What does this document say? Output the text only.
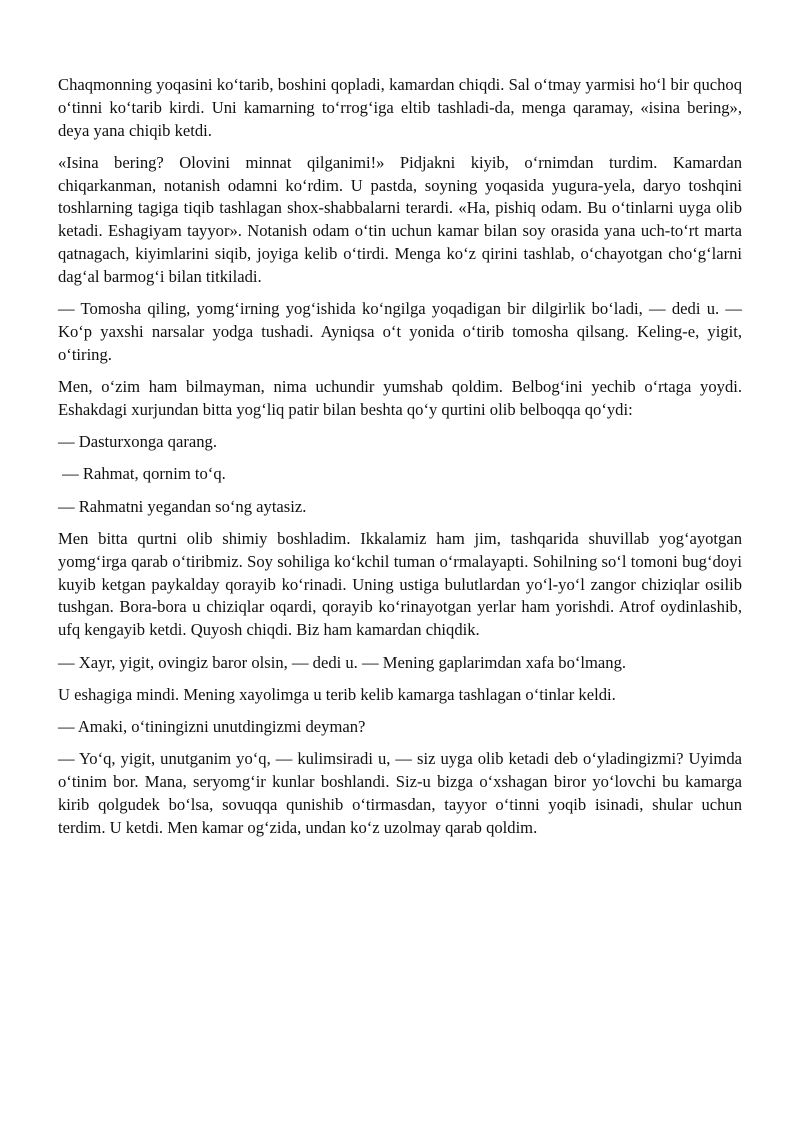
Chaqmonning yoqasini ko‘tarib, boshini qopladi, kamardan chiqdi. Sal o‘tmay yarmisi ho‘l bir quchoq o‘tinni ko‘tarib kirdi. Uni kamarning to‘rrog‘iga eltib tashladi-da, menga qaramay, «isina bering», deya yana chiqib ketdi.

«Isina bering? Olovini minnat qilganimi!» Pidjakni kiyib, o‘rnimdan turdim. Kamardan chiqarkanman, notanish odamni ko‘rdim. U pastda, soyning yoqasida yugura-yela, daryo toshqini toshlarning tagiga tiqib tashlagan shox-shabbalarni terardi. «Ha, pishiq odam. Bu o‘tinlarni uyga olib ketadi. Eshagiyam tayyor». Notanish odam o‘tin uchun kamar bilan soy orasida yana uch-to‘rt marta qatnagach, kiyimlarini siqib, joyiga kelib o‘tirdi. Menga ko‘z qirini tashlab, o‘chayotgan cho‘g‘larni dag‘al barmog‘i bilan titkiladi.

— Tomosha qiling, yomg‘irning yog‘ishida ko‘ngilga yoqadigan bir dilgirlik bo‘ladi, — dedi u. — Ko‘p yaxshi narsalar yodga tushadi. Ayniqsa o‘t yonida o‘tirib tomosha qilsang. Keling-e, yigit, o‘tiring.

Men, o‘zim ham bilmayman, nima uchundir yumshab qoldim. Belbog‘ini yechib o‘rtaga yoydi. Eshakdagi xurjundan bitta yog‘liq patir bilan beshta qo‘y qurtini olib belboqqa qo‘ydi:

— Dasturxonga qarang.

— Rahmat, qornim to‘q.

— Rahmatni yegandan so‘ng aytasiz.

Men bitta qurtni olib shimiy boshladim. Ikkalamiz ham jim, tashqarida shuvillab yog‘ayotgan yomg‘irga qarab o‘tiribmiz. Soy sohiliga ko‘kchil tuman o‘rmalayapti. Sohilning so‘l tomoni bug‘doyi kuyib ketgan paykalday qorayib ko‘rinadi. Uning ustiga bulutlardan yo‘l-yo‘l zangor chiziqlar osilib tushgan. Bora-bora u chiziqlar oqardi, qorayib ko‘rinayotgan yerlar ham yorishdi. Atrof oydinlashib, ufq kengayib ketdi. Quyosh chiqdi. Biz ham kamardan chiqdik.

— Xayr, yigit, ovingiz baror olsin, — dedi u. — Mening gaplarimdan xafa bo‘lmang.

U eshagiga mindi. Mening xayolimga u terib kelib kamarga tashlagan o‘tinlar keldi.

— Amaki, o‘tiningizni unutdingizmi deyman?

— Yo‘q, yigit, unutganim yo‘q, — kulimsiradi u, — siz uyga olib ketadi deb o‘yladingizmi? Uyimda o‘tinim bor. Mana, seryomg‘ir kunlar boshlandi. Siz-u bizga o‘xshagan biror yo‘lovchi bu kamarga kirib qolgudek bo‘lsa, sovuqqa qunishib o‘tirmasdan, tayyor o‘tinni yoqib isinadi, shular uchun terdim. U ketdi. Men kamar og‘zida, undan ko‘z uzolmay qarab qoldim.
